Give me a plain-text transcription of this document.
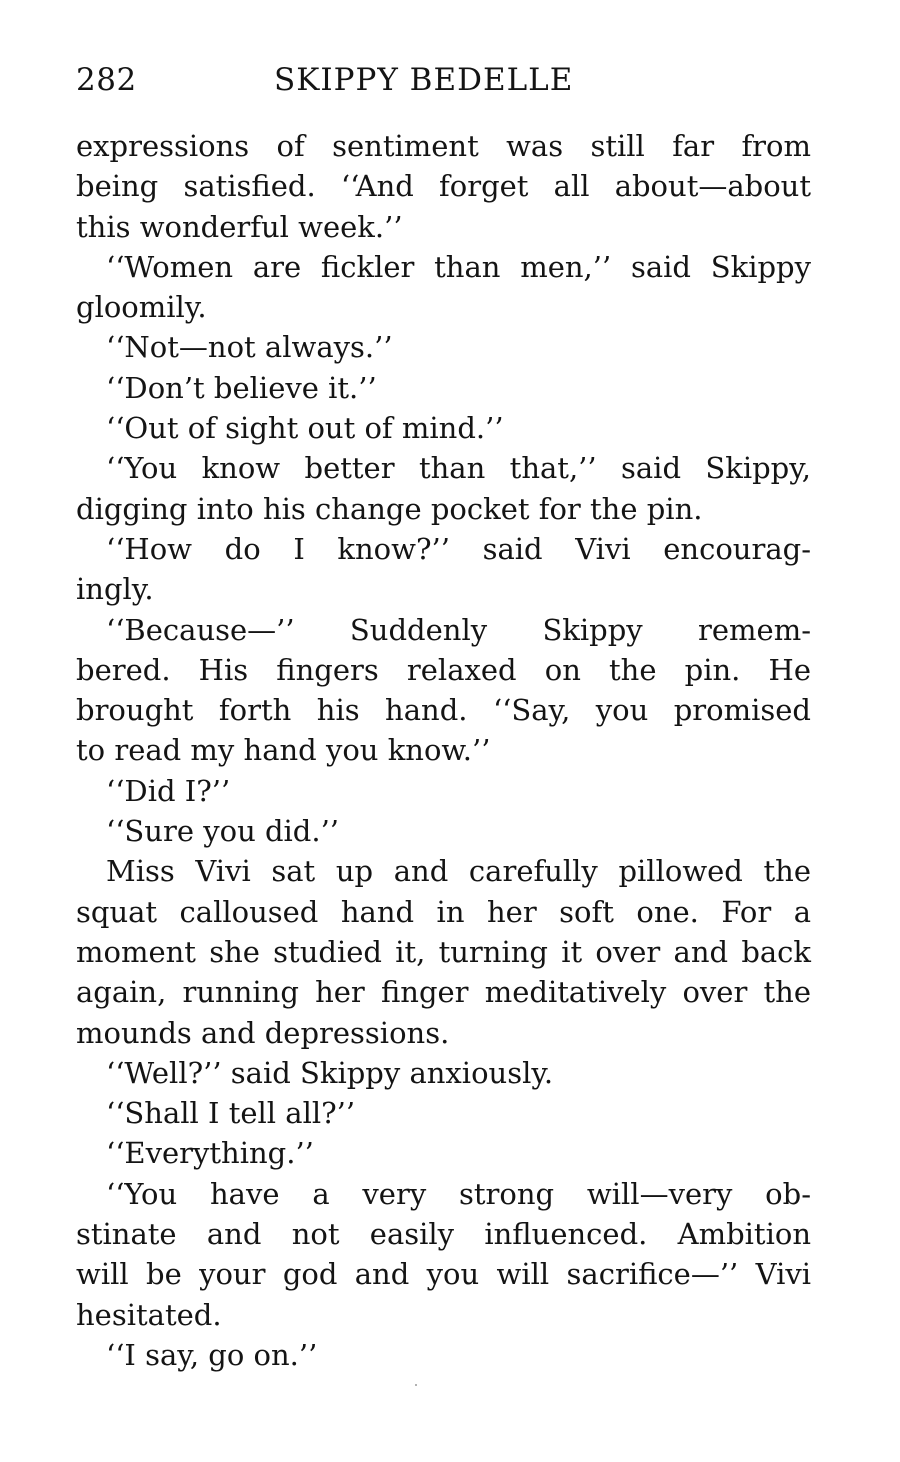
282	SKIPPY BEDELLE
expressions of sentiment was still far from
being satisfied. ‘‘And forget all about—about
this wonderful week.’’
‘‘Women are fickler than men,’’ said Skippy
gloomily.
‘‘Not—not always.’’
‘‘Don’t believe it.’’
‘‘Out of sight out of mind.’’
‘‘You know better than that,’’ said Skippy,
digging into his change pocket for the pin.
‘‘How do I know?’’ said Vivi encourag-
ingly.
‘‘Because—’’ Suddenly Skippy remem-
bered. His fingers relaxed on the pin. He
brought forth his hand. ‘‘Say, you promised
to read my hand you know.’’
‘‘Did I?’’
‘‘Sure you did.’’
Miss Vivi sat up and carefully pillowed the
squat calloused hand in her soft one. For a
moment she studied it, turning it over and back
again, running her finger meditatively over the
mounds and depressions.
‘‘Well?’’ said Skippy anxiously.
‘‘Shall I tell all?’’
‘‘Everything.’’
‘‘You have a very strong will—very ob-
stinate and not easily influenced. Ambition
will be your god and you will sacrifice—’’ Vivi
hesitated.
‘‘I say, go on.’’
